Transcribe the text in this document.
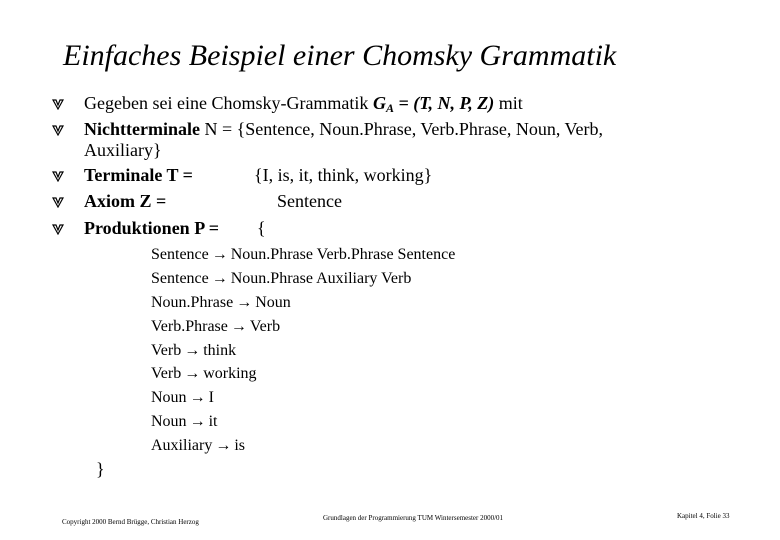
Einfaches Beispiel einer Chomsky Grammatik
Gegeben sei eine Chomsky-Grammatik $G_A = (T$, N, P, Z) mit
Nichtterminale N = {Sentence, Noun.Phrase, Verb.Phrase, Noun, Verb,
Auxiliary}
Terminale T =	{I, is, it, think, working}
Axiom Z =	Sentence
Produktionen P = {
Sentence → Noun.Phrase Verb.Phrase Sentence
Sentence → Noun.Phrase Auxiliary Verb
Noun.Phrase → Noun
Verb.Phrase → Verb
Verb → think
Verb → working
Noun → I
Noun → it
Auxiliary → is
}
Copyright 2000 Bernd Brügge, Christian Herzog	Grundlagen der Programmierung TUM Wintersemester 2000/01	Kapitel 4, Folie 33
